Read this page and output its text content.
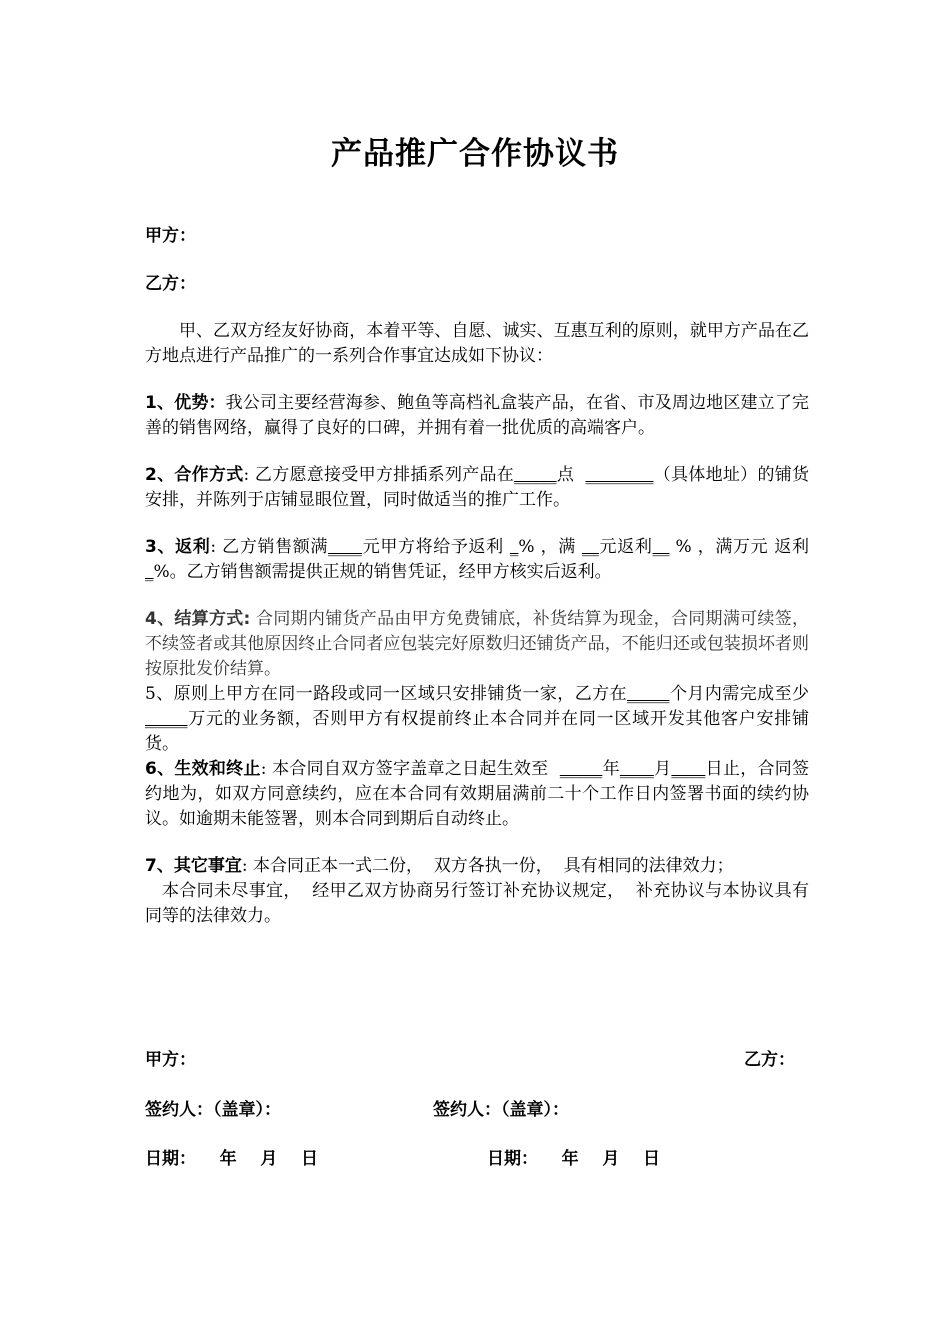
产品推广合作协议书

甲方：

乙方：

甲、乙双方经友好协商，本着平等、自愿、诚实、互惠互利的原则，就甲方产品在乙方地点进行产品推广的一系列合作事宜达成如下协议：

1、优势：我公司主要经营海参、鲍鱼等高档礼盒装产品，在省、市及周边地区建立了完善的销售网络，赢得了良好的口碑，并拥有着一批优质的高端客户。

2、合作方式: 乙方愿意接受甲方排插系列产品在_____点  ________（具体地址）的铺货安排，并陈列于店铺显眼位置，同时做适当的推广工作。

3、返利: 乙方销售额满____元甲方将给予返利 _% ，满 __元返利__ % ，满万元 返利_%。乙方销售额需提供正规的销售凭证，经甲方核实后返利。

4、结算方式: 合同期内铺货产品由甲方免费铺底，补货结算为现金，合同期满可续签，不续签者或其他原因终止合同者应包装完好原数归还铺货产品，不能归还或包装损坏者则按原批发价结算。

5、原则上甲方在同一路段或同一区域只安排铺货一家，乙方在_____个月内需完成至少_____万元的业务额，否则甲方有权提前终止本合同并在同一区域开发其他客户安排铺货。

6、生效和终止: 本合同自双方签字盖章之日起生效至  _____年____月____日止，合同签约地为，如双方同意续约，应在本合同有效期届满前二十个工作日内签署书面的续约协议。如逾期未能签署，则本合同到期后自动终止。

7、其它事宜: 本合同正本一式二份，  双方各执一份，  具有相同的法律效力；

本合同未尽事宜，  经甲乙双方协商另行签订补充协议规定，  补充协议与本协议具有同等的法律效力。

甲方：	乙方：
签约人：（盖章）：	签约人：（盖章）：
日期：    年    月    日	日期：    年    月    日
